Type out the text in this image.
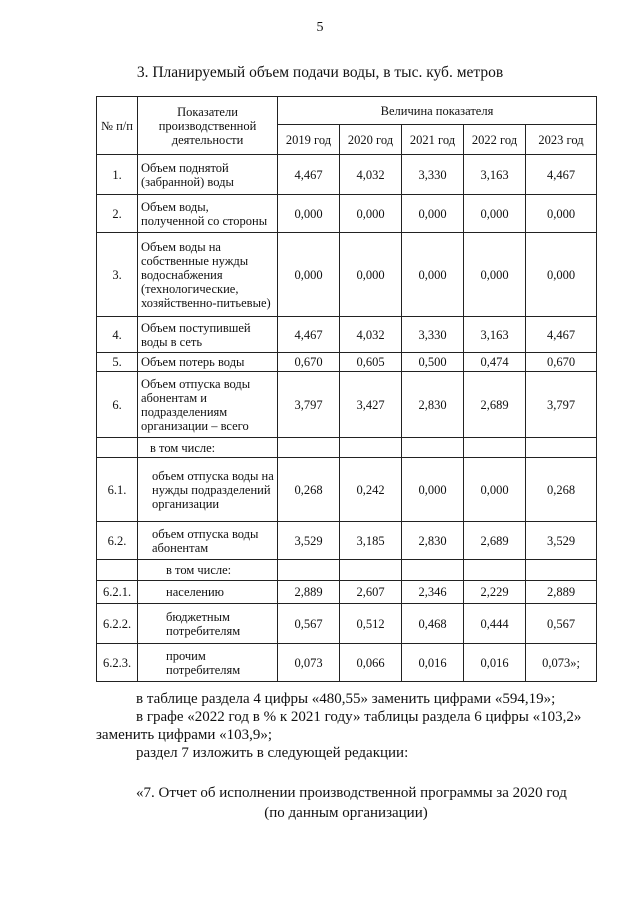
5
3. Планируемый объем подачи воды, в тыс. куб. метров
№ п/п	Показатели производственной деятельности	Величина показателя				
		2019 год	2020 год	2021 год	2022 год	2023 год
1.	Объем поднятой (забранной) воды	4,467	4,032	3,330	3,163	4,467
2.	Объем воды, полученной со стороны	0,000	0,000	0,000	0,000	0,000
3.	Объем воды на собственные нужды водоснабжения (технологические, хозяйственно-питьевые)	0,000	0,000	0,000	0,000	0,000
4.	Объем поступившей воды в сеть	4,467	4,032	3,330	3,163	4,467
5.	Объем потерь воды	0,670	0,605	0,500	0,474	0,670
6.	Объем отпуска воды абонентам и подразделениям организации – всего	3,797	3,427	2,830	2,689	3,797
	в том числе:					
6.1.	объем отпуска воды на нужды подразделений организации	0,268	0,242	0,000	0,000	0,268
6.2.	объем отпуска воды абонентам	3,529	3,185	2,830	2,689	3,529
	в том числе:					
6.2.1.	населению	2,889	2,607	2,346	2,229	2,889
6.2.2.	бюджетным потребителям	0,567	0,512	0,468	0,444	0,567
6.2.3.	прочим потребителям	0,073	0,066	0,016	0,016	0,073»;
в таблице раздела 4 цифры «480,55» заменить цифрами «594,19»;
в графе «2022 год в % к 2021 году» таблицы раздела 6 цифры «103,2» заменить цифрами «103,9»;
раздел 7 изложить в следующей редакции:
«7. Отчет об исполнении производственной программы за 2020 год
(по данным организации)
